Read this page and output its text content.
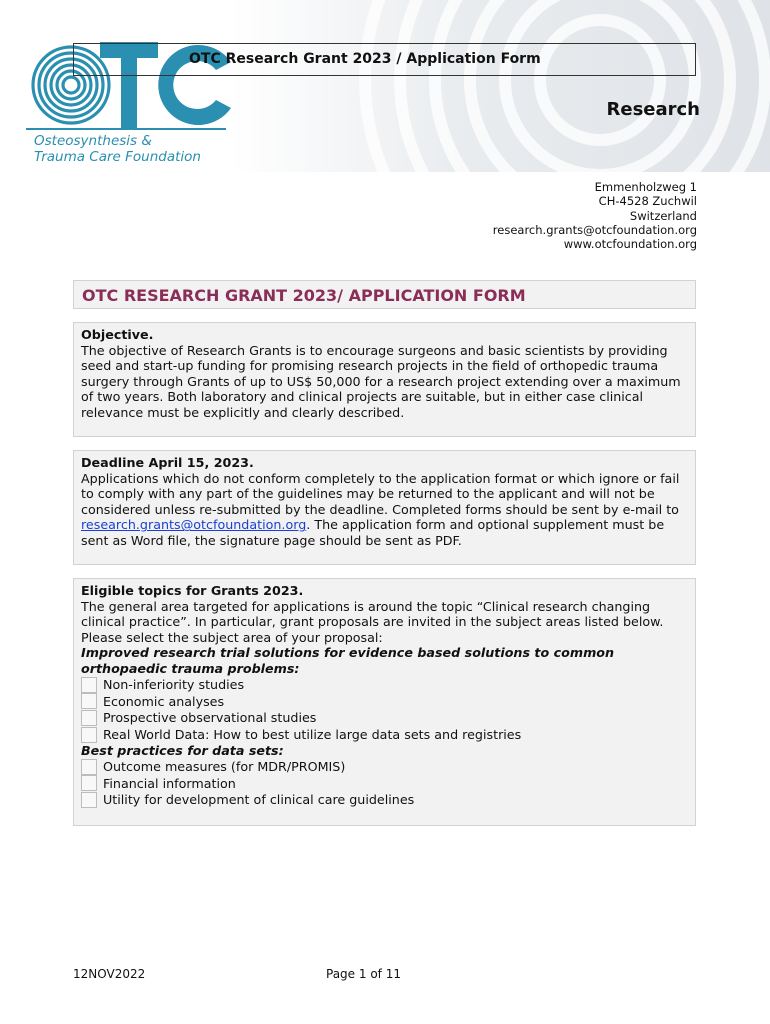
Osteosynthesis &
Trauma Care Foundation
OTC Research Grant 2023 / Application Form
Research
Emmenholzweg 1
CH-4528 Zuchwil
Switzerland
research.grants@otcfoundation.org
www.otcfoundation.org
OTC RESEARCH GRANT 2023/ APPLICATION FORM
Objective.
The objective of Research Grants is to encourage surgeons and basic scientists by providing seed and start-up funding for promising research projects in the field of orthopedic trauma surgery through Grants of up to US$ 50,000 for a research project extending over a maximum of two years. Both laboratory and clinical projects are suitable, but in either case clinical relevance must be explicitly and clearly described.
Deadline April 15, 2023.
Applications which do not conform completely to the application format or which ignore or fail to comply with any part of the guidelines may be returned to the applicant and will not be considered unless re-submitted by the deadline. Completed forms should be sent by e-mail to research.grants@otcfoundation.org. The application form and optional supplement must be sent as Word file, the signature page should be sent as PDF.
Eligible topics for Grants 2023.
The general area targeted for applications is around the topic “Clinical research changing clinical practice”. In particular, grant proposals are invited in the subject areas listed below. Please select the subject area of your proposal:
Improved research trial solutions for evidence based solutions to common orthopaedic trauma problems:
Non-inferiority studies
Economic analyses
Prospective observational studies
Real World Data: How to best utilize large data sets and registries
Best practices for data sets:
Outcome measures (for MDR/PROMIS)
Financial information
Utility for development of clinical care guidelines
12NOV2022	Page 1 of 11
